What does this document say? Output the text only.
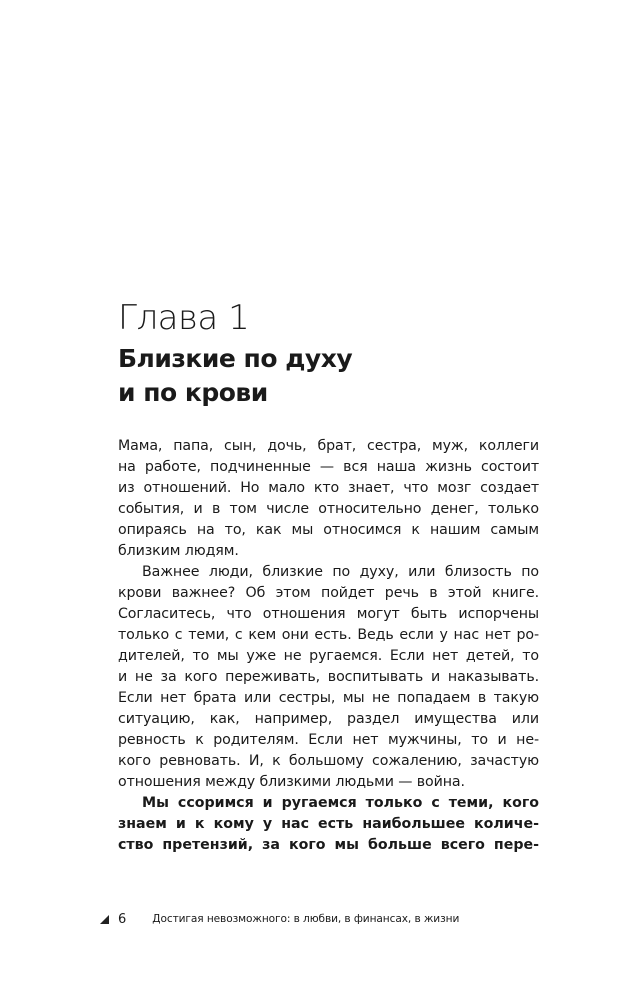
Глава 1
Близкие по духу
и по крови
Мама, папа, сын, дочь, брат, сестра, муж, коллеги
на работе, подчиненные — вся наша жизнь состоит
из отношений. Но мало кто знает, что мозг создает
события, и в том числе относительно денег, только
опираясь на то, как мы относимся к нашим самым
близким людям.
Важнее люди, близкие по духу, или близость по
крови важнее? Об этом пойдет речь в этой книге.
Согласитесь, что отношения могут быть испорчены
только с теми, с кем они есть. Ведь если у нас нет ро-
дителей, то мы уже не ругаемся. Если нет детей, то
и не за кого переживать, воспитывать и наказывать.
Если нет брата или сестры, мы не попадаем в такую
ситуацию, как, например, раздел имущества или
ревность к родителям. Если нет мужчины, то и не-
кого ревновать. И, к большому сожалению, зачастую
отношения между близкими людьми — война.
Мы ссоримся и ругаемся только с теми, кого
знаем и к кому у нас есть наибольшее количе-
ство претензий, за кого мы больше всего пере-
6 Достигая невозможного: в любви, в финансах, в жизни
